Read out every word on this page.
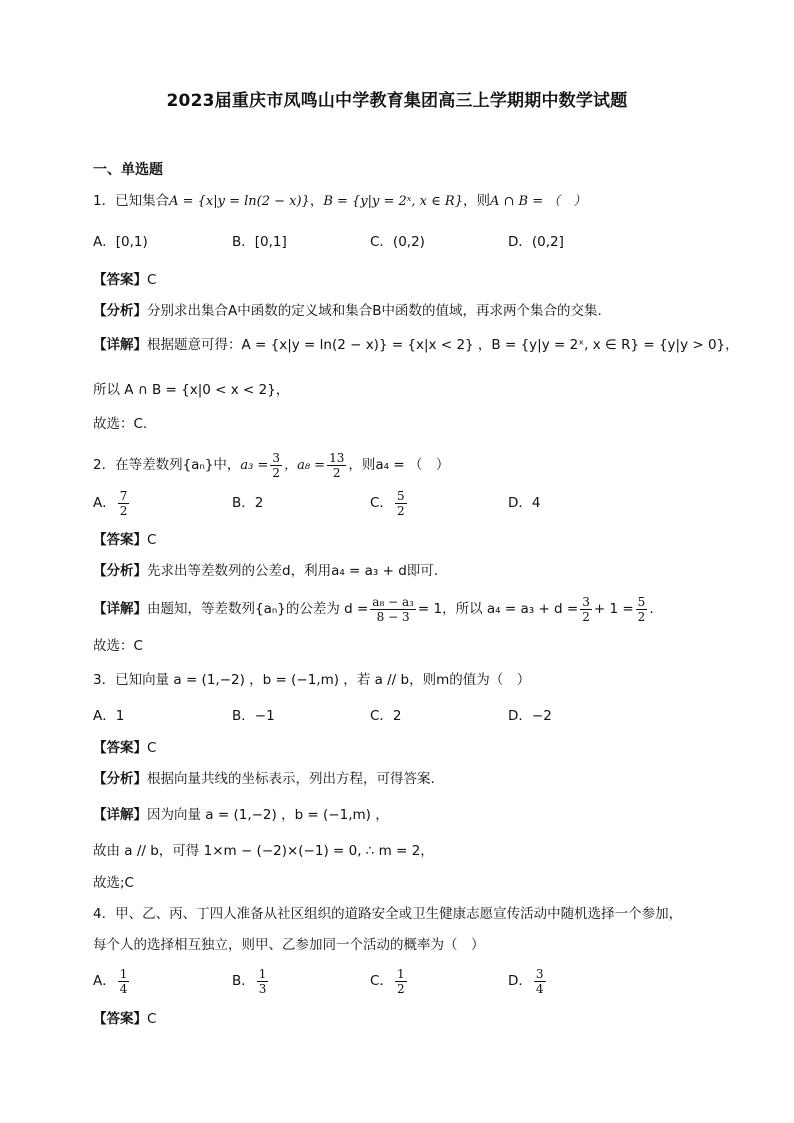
2023届重庆市凤鸣山中学教育集团高三上学期期中数学试题
一、单选题
1．已知集合A = {x|y = ln(2 − x)}，B = {y|y = 2ˣ, x ∈ R}，则A ∩ B = （　）
A．[0,1)	B．[0,1]	C．(0,2)	D．(0,2]
【答案】C
【分析】分别求出集合A中函数的定义域和集合B中函数的值域，再求两个集合的交集.
【详解】根据题意可得：A = {x|y = ln(2 − x)} = {x|x < 2} ，B = {y|y = 2ˣ, x ∈ R} = {y|y > 0}，
所以 A ∩ B = {x|0 < x < 2}，
故选：C.
2．在等差数列{aₙ}中，$a_3 = \frac{3}{2}$ ，$a_8 = \frac{13}{2}$ ，则a₄ = （　）
A． $\frac{7}{2}$	B．2	C． $\frac{5}{2}$	D．4
【答案】C
【分析】先求出等差数列的公差d，利用a₄ = a₃ + d即可.
【详解】由题知，等差数列{aₙ}的公差为 $d = \frac{\text{a₈ − a₃}}{8 - 3} = 1$，所以 $a_4 = a_3 + d = \frac{3}{2} + 1 = \frac{5}{2}$ .
故选：C
3．已知向量 a = (1,−2) ，b = (−1,m) ，若 a // b，则m的值为（　）
A．1	B．−1	C．2	D．−2
【答案】C
【分析】根据向量共线的坐标表示，列出方程，可得答案.
【详解】因为向量 a = (1,−2) ，b = (−1,m) ，
故由 a // b，可得 1×m − (−2)×(−1) = 0, ∴ m = 2，
故选;C
4．甲、乙、丙、丁四人准备从社区组织的道路安全或卫生健康志愿宣传活动中随机选择一个参加，
每个人的选择相互独立，则甲、乙参加同一个活动的概率为（　）
A． $\frac{1}{4}$	B． $\frac{1}{3}$	C． $\frac{1}{2}$	D． $\frac{3}{4}$
【答案】C
